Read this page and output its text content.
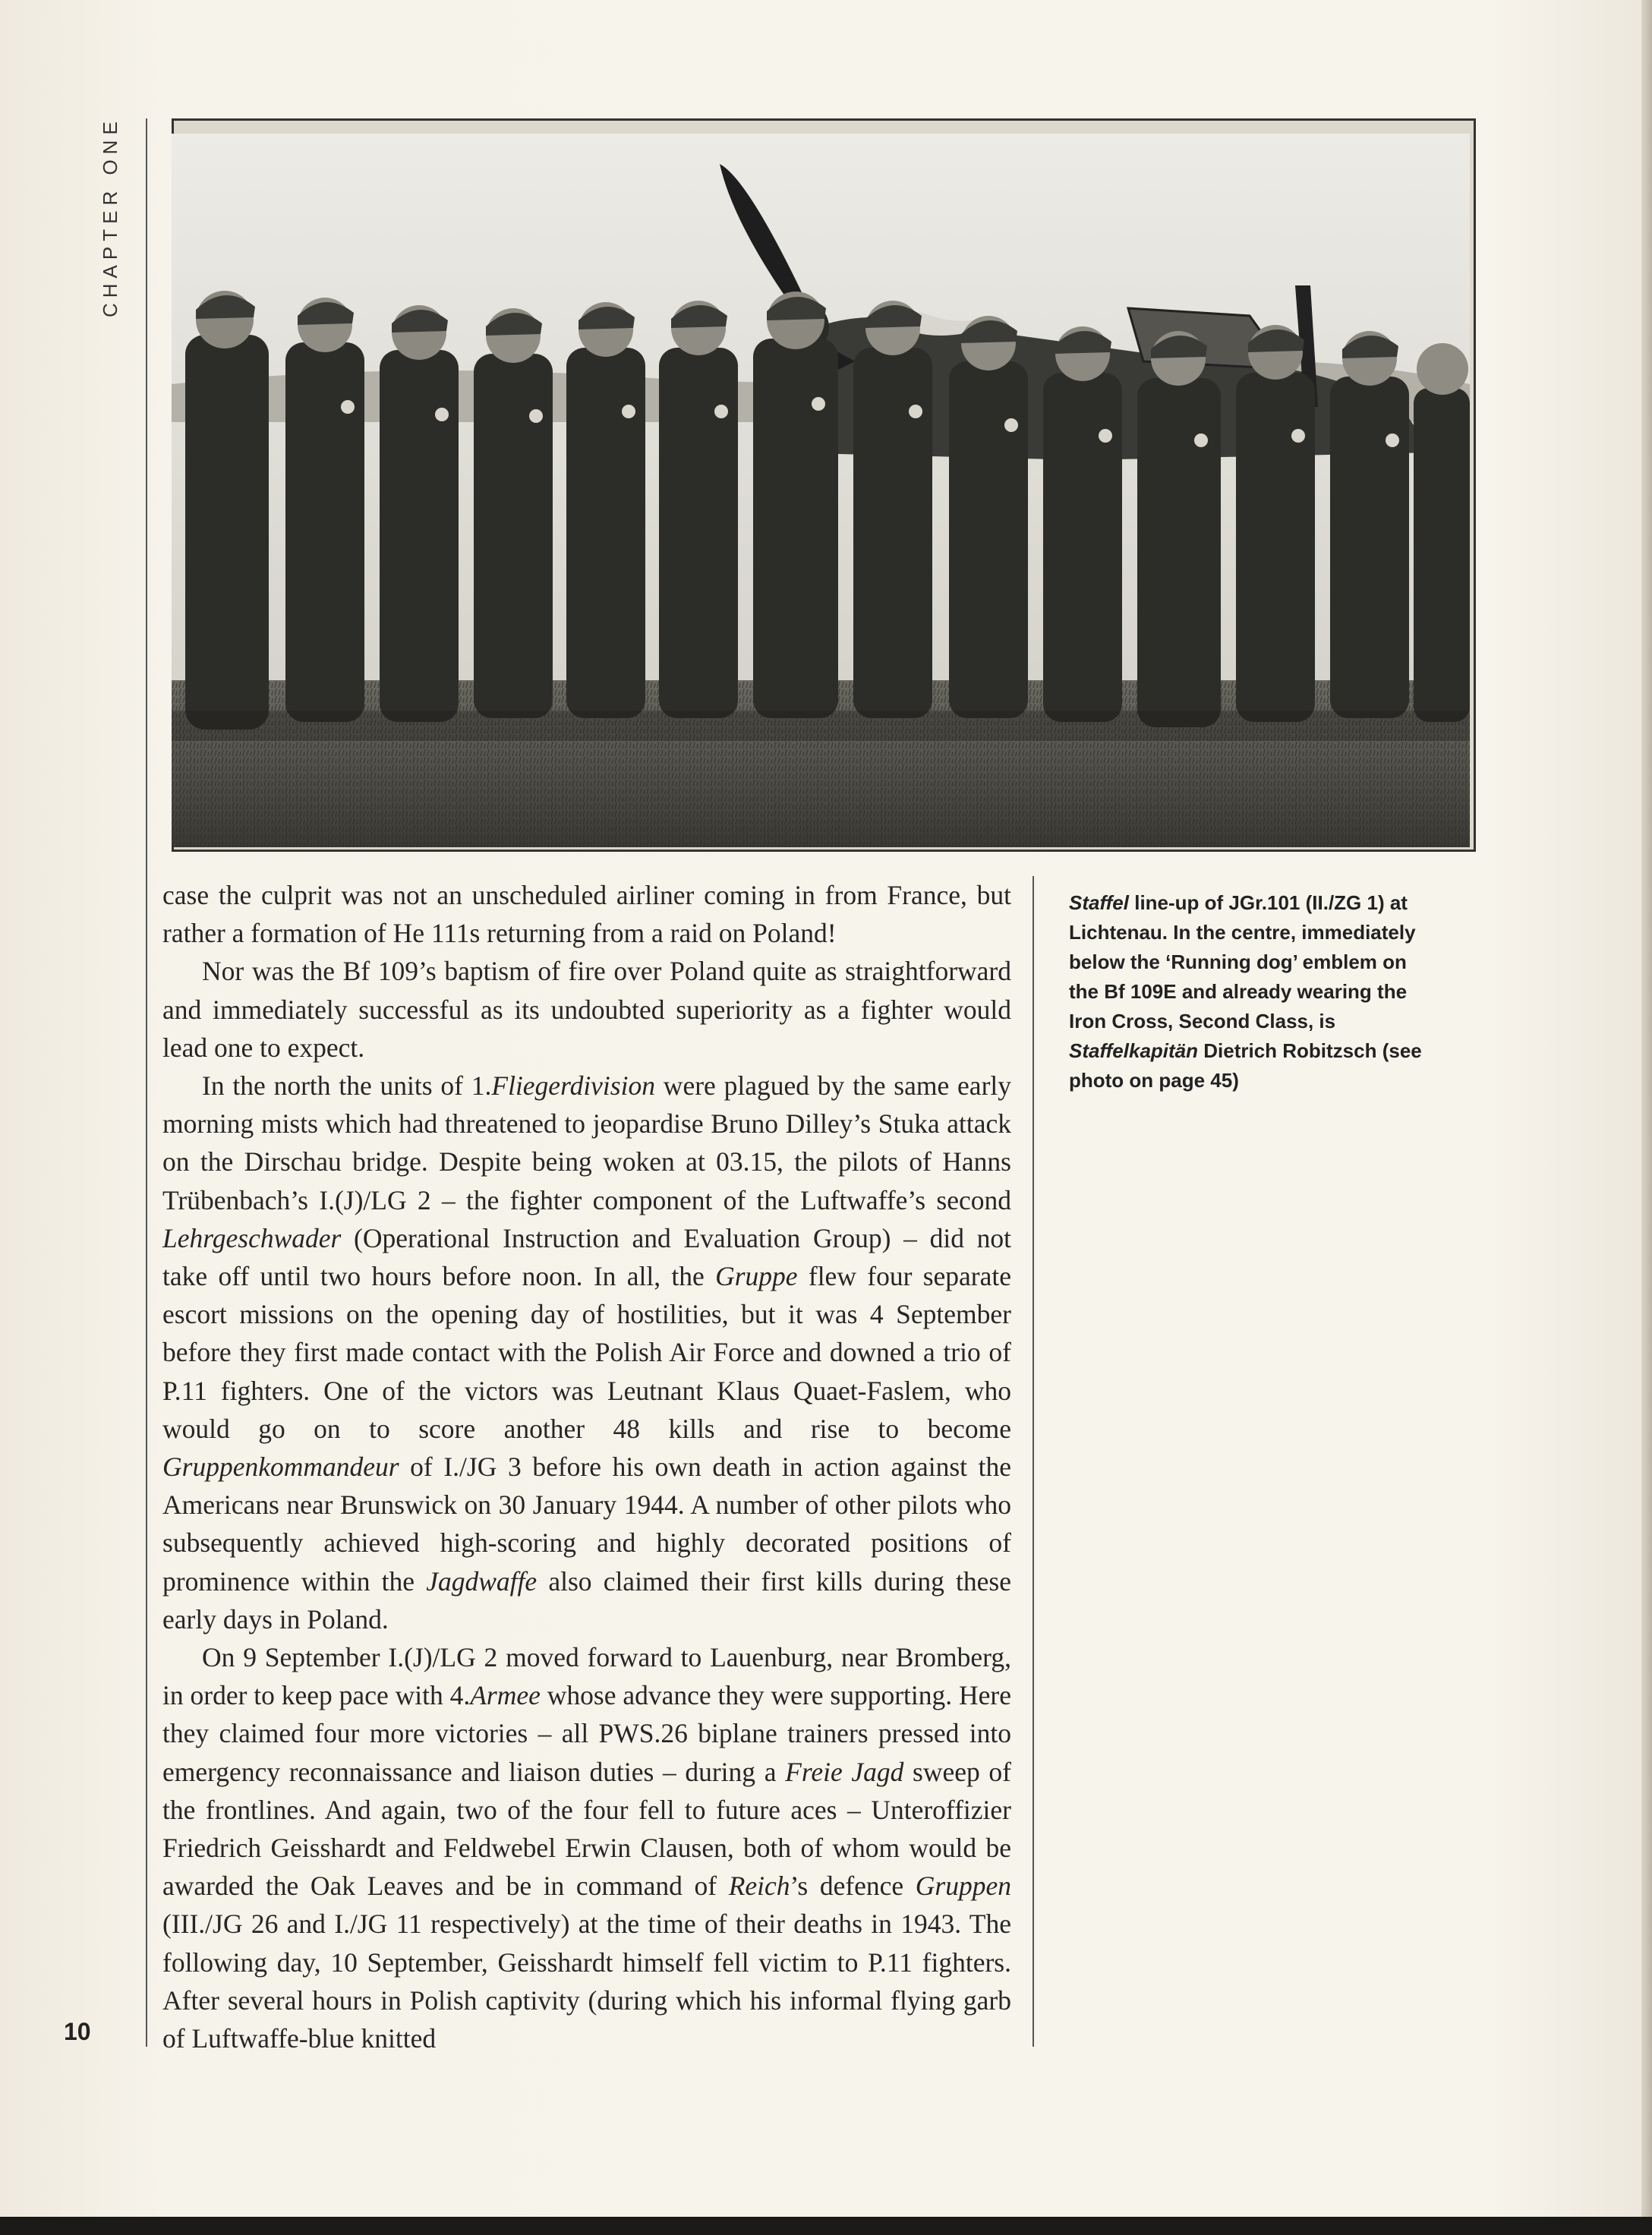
CHAPTER ONE
10

case the culprit was not an unscheduled airliner coming in from France, but rather a formation of He 111s returning from a raid on Poland!

Nor was the Bf 109’s baptism of fire over Poland quite as straightforward and immediately successful as its undoubted superiority as a fighter would lead one to expect.

In the north the units of 1.Fliegerdivision were plagued by the same early morning mists which had threatened to jeopardise Bruno Dilley’s Stuka attack on the Dirschau bridge. Despite being woken at 03.15, the pilots of Hanns Trübenbach’s I.(J)/LG 2 – the fighter component of the Luftwaffe’s second Lehrgeschwader (Operational Instruction and Evaluation Group) – did not take off until two hours before noon. In all, the Gruppe flew four separate escort missions on the opening day of hostilities, but it was 4 September before they first made contact with the Polish Air Force and downed a trio of P.11 fighters. One of the victors was Leutnant Klaus Quaet-Faslem, who would go on to score another 48 kills and rise to become Gruppenkommandeur of I./JG 3 before his own death in action against the Americans near Brunswick on 30 January 1944. A number of other pilots who subsequently achieved high-scoring and highly decorated positions of prominence within the Jagdwaffe also claimed their first kills during these early days in Poland.

On 9 September I.(J)/LG 2 moved forward to Lauenburg, near Bromberg, in order to keep pace with 4.Armee whose advance they were supporting. Here they claimed four more victories – all PWS.26 biplane trainers pressed into emergency reconnaissance and liaison duties – during a Freie Jagd sweep of the frontlines. And again, two of the four fell to future aces – Unteroffizier Friedrich Geisshardt and Feldwebel Erwin Clausen, both of whom would be awarded the Oak Leaves and be in command of Reich’s defence Gruppen (III./JG 26 and I./JG 11 respectively) at the time of their deaths in 1943. The following day, 10 September, Geisshardt himself fell victim to P.11 fighters. After several hours in Polish captivity (during which his informal flying garb of Luftwaffe-blue knitted

Staffel line-up of JGr.101 (II./ZG 1) at Lichtenau. In the centre, immediately below the ‘Running dog’ emblem on the Bf 109E and already wearing the Iron Cross, Second Class, is Staffelkapitän Dietrich Robitzsch (see photo on page 45)
